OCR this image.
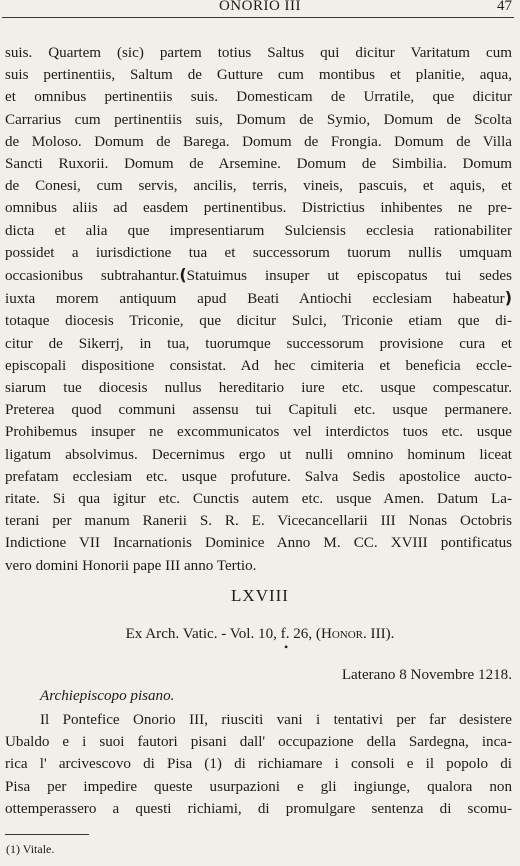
ONORIO III	47
suis. Quartem (sic) partem totius Saltus qui dicitur Varitatum cum
suis pertinentiis, Saltum de Gutture cum montibus et planitie, aqua,
et omnibus pertinentiis suis. Domesticam de Urratile, que dicitur
Carrarius cum pertinentiis suis, Domum de Symio, Domum de Scolta
de Moloso. Domum de Barega. Domum de Frongia. Domum de Villa
Sancti Ruxorii. Domum de Arsemine. Domum de Simbilia. Domum
de Conesi, cum servis, ancilis, terris, vineis, pascuis, et aquis, et
omnibus aliis ad easdem pertinentibus. Districtius inhibentes ne pre-
dicta et alia que impresentiarum Sulciensis ecclesia rationabiliter
possidet a iurisdictione tua et successorum tuorum nullis umquam
occasionibus subtrahantur.(Statuimus insuper ut episcopatus tui sedes
iuxta morem antiquum apud Beati Antiochi ecclesiam habeatur)
totaque diocesis Triconie, que dicitur Sulci, Triconie etiam que di-
citur de Sikerrj, in tua, tuorumque successorum provisione cura et
episcopali dispositione consistat. Ad hec cimiteria et beneficia eccle-
siarum tue diocesis nullus hereditario iure etc. usque compescatur.
Preterea quod communi assensu tui Capituli etc. usque permanere.
Prohibemus insuper ne excommunicatos vel interdictos tuos etc. usque
ligatum absolvimus. Decernimus ergo ut nulli omnino hominum liceat
prefatam ecclesiam etc. usque profuture. Salva Sedis apostolice aucto-
ritate. Si qua igitur etc. Cunctis autem etc. usque Amen. Datum La-
terani per manum Ranerii S. R. E. Vicecancellarii III Nonas Octobris
Indictione VII Incarnationis Dominice Anno M. CC. XVIII pontificatus
vero domini Honorii pape III anno Tertio.
LXVIII
Ex Arch. Vatic. - Vol. 10, f. 26, (Honor. III).
•
Laterano 8 Novembre 1218.
Archiepiscopo pisano.
Il Pontefice Onorio III, riusciti vani i tentativi per far desistere
Ubaldo e i suoi fautori pisani dall' occupazione della Sardegna, inca-
rica l' arcivescovo di Pisa (1) di richiamare i consoli e il popolo di
Pisa per impedire queste usurpazioni e gli ingiunge, qualora non
ottemperassero a questi richiami, di promulgare sentenza di scomu-
(1) Vitale.
